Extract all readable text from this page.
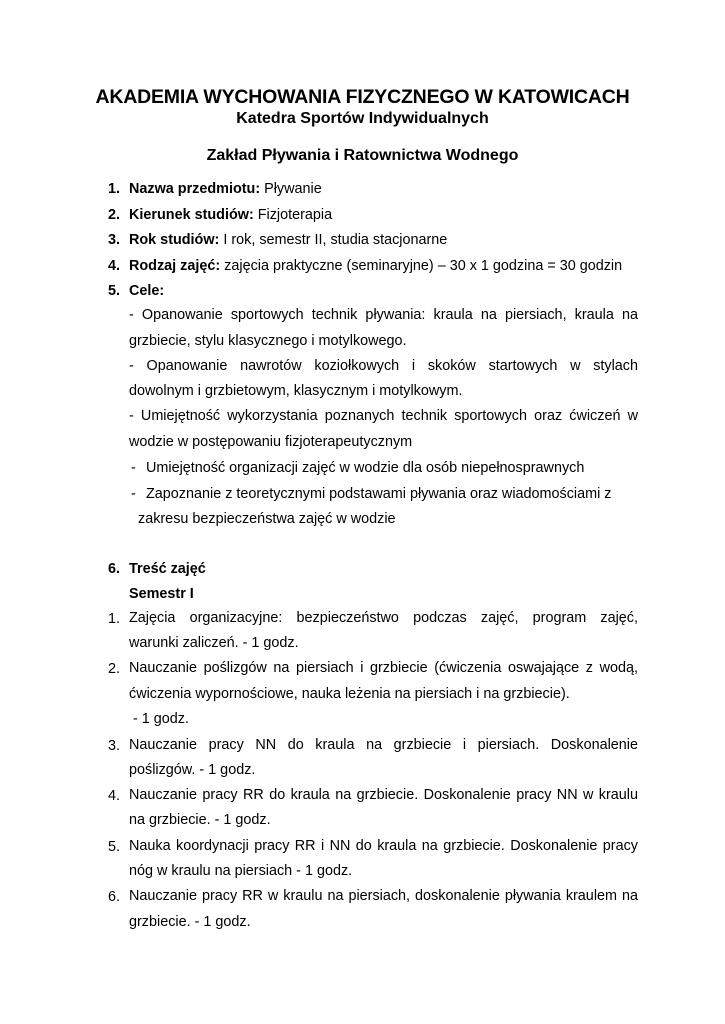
AKADEMIA WYCHOWANIA FIZYCZNEGO W KATOWICACH
Katedra Sportów Indywidualnych
Zakład Pływania i Ratownictwa Wodnego
1. Nazwa przedmiotu: Pływanie
2. Kierunek studiów: Fizjoterapia
3. Rok studiów: I rok, semestr II, studia stacjonarne
4. Rodzaj zajęć: zajęcia praktyczne (seminaryjne) – 30 x 1 godzina = 30 godzin
5. Cele:
- Opanowanie sportowych technik pływania: kraula na piersiach, kraula na
grzbiecie, stylu klasycznego i motylkowego.
- Opanowanie nawrotów koziołkowych i skoków startowych w stylach
dowolnym i grzbietowym, klasycznym i motylkowym.
- Umiejętność wykorzystania poznanych technik sportowych oraz ćwiczeń w
wodzie w postępowaniu fizjoterapeutycznym
- Umiejętność organizacji zajęć w wodzie dla osób niepełnosprawnych
- Zapoznanie z teoretycznymi podstawami pływania oraz wiadomościami z
zakresu bezpieczeństwa zajęć w wodzie
6. Treść zajęć
Semestr I
1. Zajęcia organizacyjne: bezpieczeństwo podczas zajęć, program zajęć,
warunki zaliczeń. - 1 godz.
2. Nauczanie poślizgów na piersiach i grzbiecie (ćwiczenia oswajające z wodą,
ćwiczenia wypornościowe, nauka leżenia na piersiach i na grzbiecie).
- 1 godz.
3. Nauczanie pracy NN do kraula na grzbiecie i piersiach. Doskonalenie
poślizgów. - 1 godz.
4. Nauczanie pracy RR do kraula na grzbiecie. Doskonalenie pracy NN w kraulu
na grzbiecie. - 1 godz.
5. Nauka koordynacji pracy RR i NN do kraula na grzbiecie. Doskonalenie pracy
nóg w kraulu na piersiach - 1 godz.
6. Nauczanie pracy RR w kraulu na piersiach, doskonalenie pływania kraulem na
grzbiecie. - 1 godz.
